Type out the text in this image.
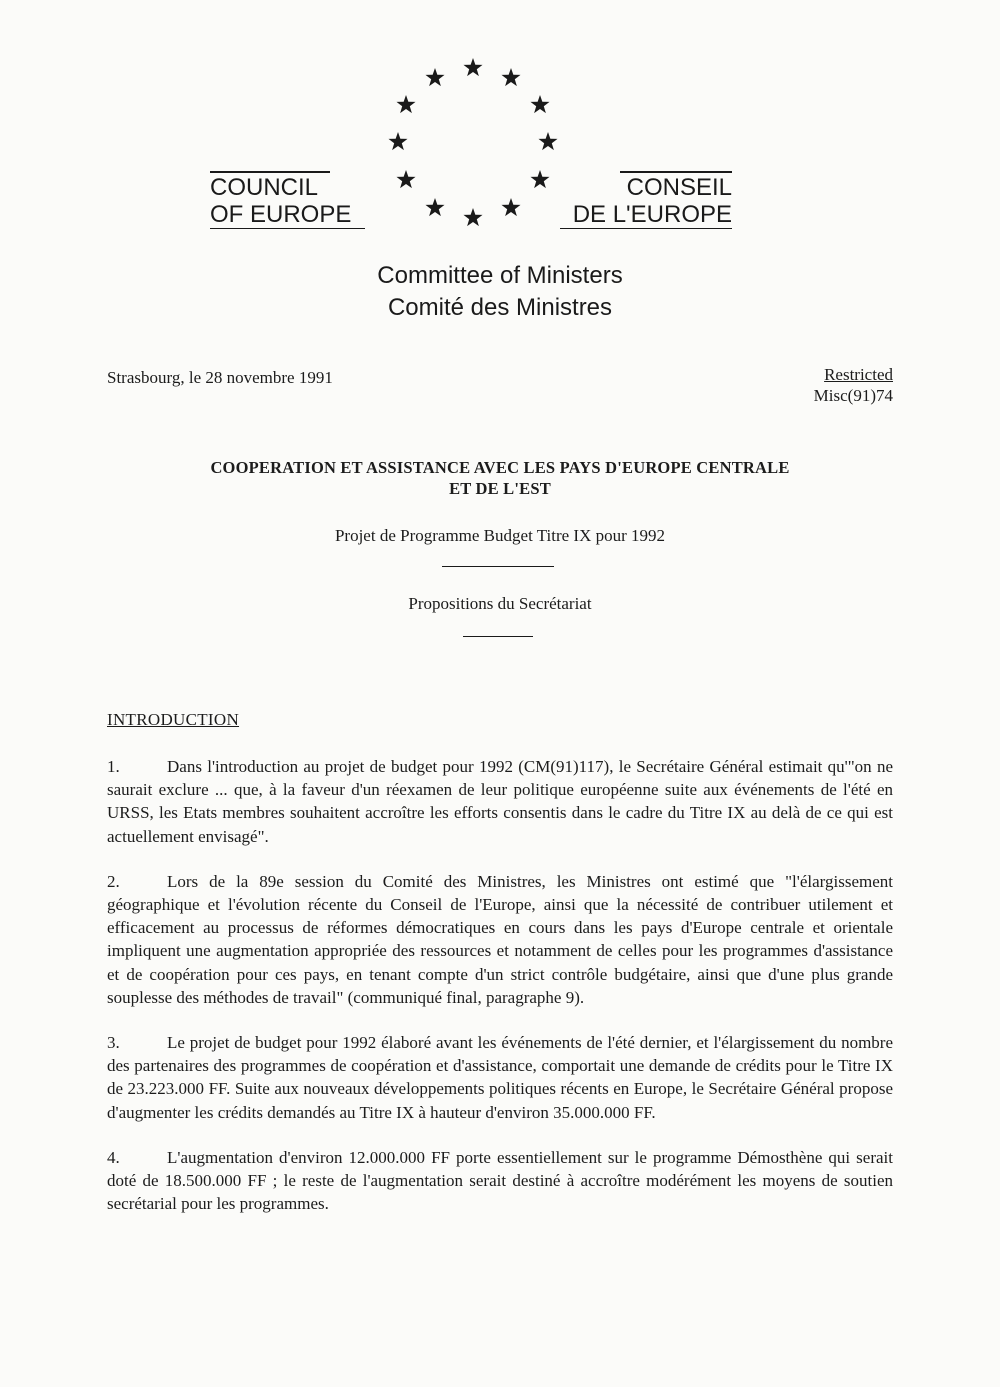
COUNCIL
OF EUROPE
CONSEIL
DE L'EUROPE
Committee of Ministers
Comité des Ministres
Strasbourg, le 28 novembre 1991	Restricted
Misc(91)74
COOPERATION ET ASSISTANCE AVEC LES PAYS D'EUROPE CENTRALE
ET DE L'EST
Projet de Programme Budget Titre IX pour 1992
Propositions du Secrétariat
INTRODUCTION

1.	Dans l'introduction au projet de budget pour 1992 (CM(91)117), le Secrétaire Général estimait qu'"on ne saurait exclure ... que, à la faveur d'un réexamen de leur politique européenne suite aux événements de l'été en URSS, les Etats membres souhaitent accroître les efforts consentis dans le cadre du Titre IX au delà de ce qui est actuellement envisagé".

2.	Lors de la 89e session du Comité des Ministres, les Ministres ont estimé que "l'élargissement géographique et l'évolution récente du Conseil de l'Europe, ainsi que la nécessité de contribuer utilement et efficacement au processus de réformes démocratiques en cours dans les pays d'Europe centrale et orientale impliquent une augmentation appropriée des ressources et notamment de celles pour les programmes d'assistance et de coopération pour ces pays, en tenant compte d'un strict contrôle budgétaire, ainsi que d'une plus grande souplesse des méthodes de travail" (communiqué final, paragraphe 9).

3.	Le projet de budget pour 1992 élaboré avant les événements de l'été dernier, et l'élargissement du nombre des partenaires des programmes de coopération et d'assistance, comportait une demande de crédits pour le Titre IX de 23.223.000 FF. Suite aux nouveaux développements politiques récents en Europe, le Secrétaire Général propose d'augmenter les crédits demandés au Titre IX à hauteur d'environ 35.000.000 FF.

4.	L'augmentation d'environ 12.000.000 FF porte essentiellement sur le programme Démosthène qui serait doté de 18.500.000 FF ; le reste de l'augmentation serait destiné à accroître modérément les moyens de soutien secrétarial pour les programmes.
